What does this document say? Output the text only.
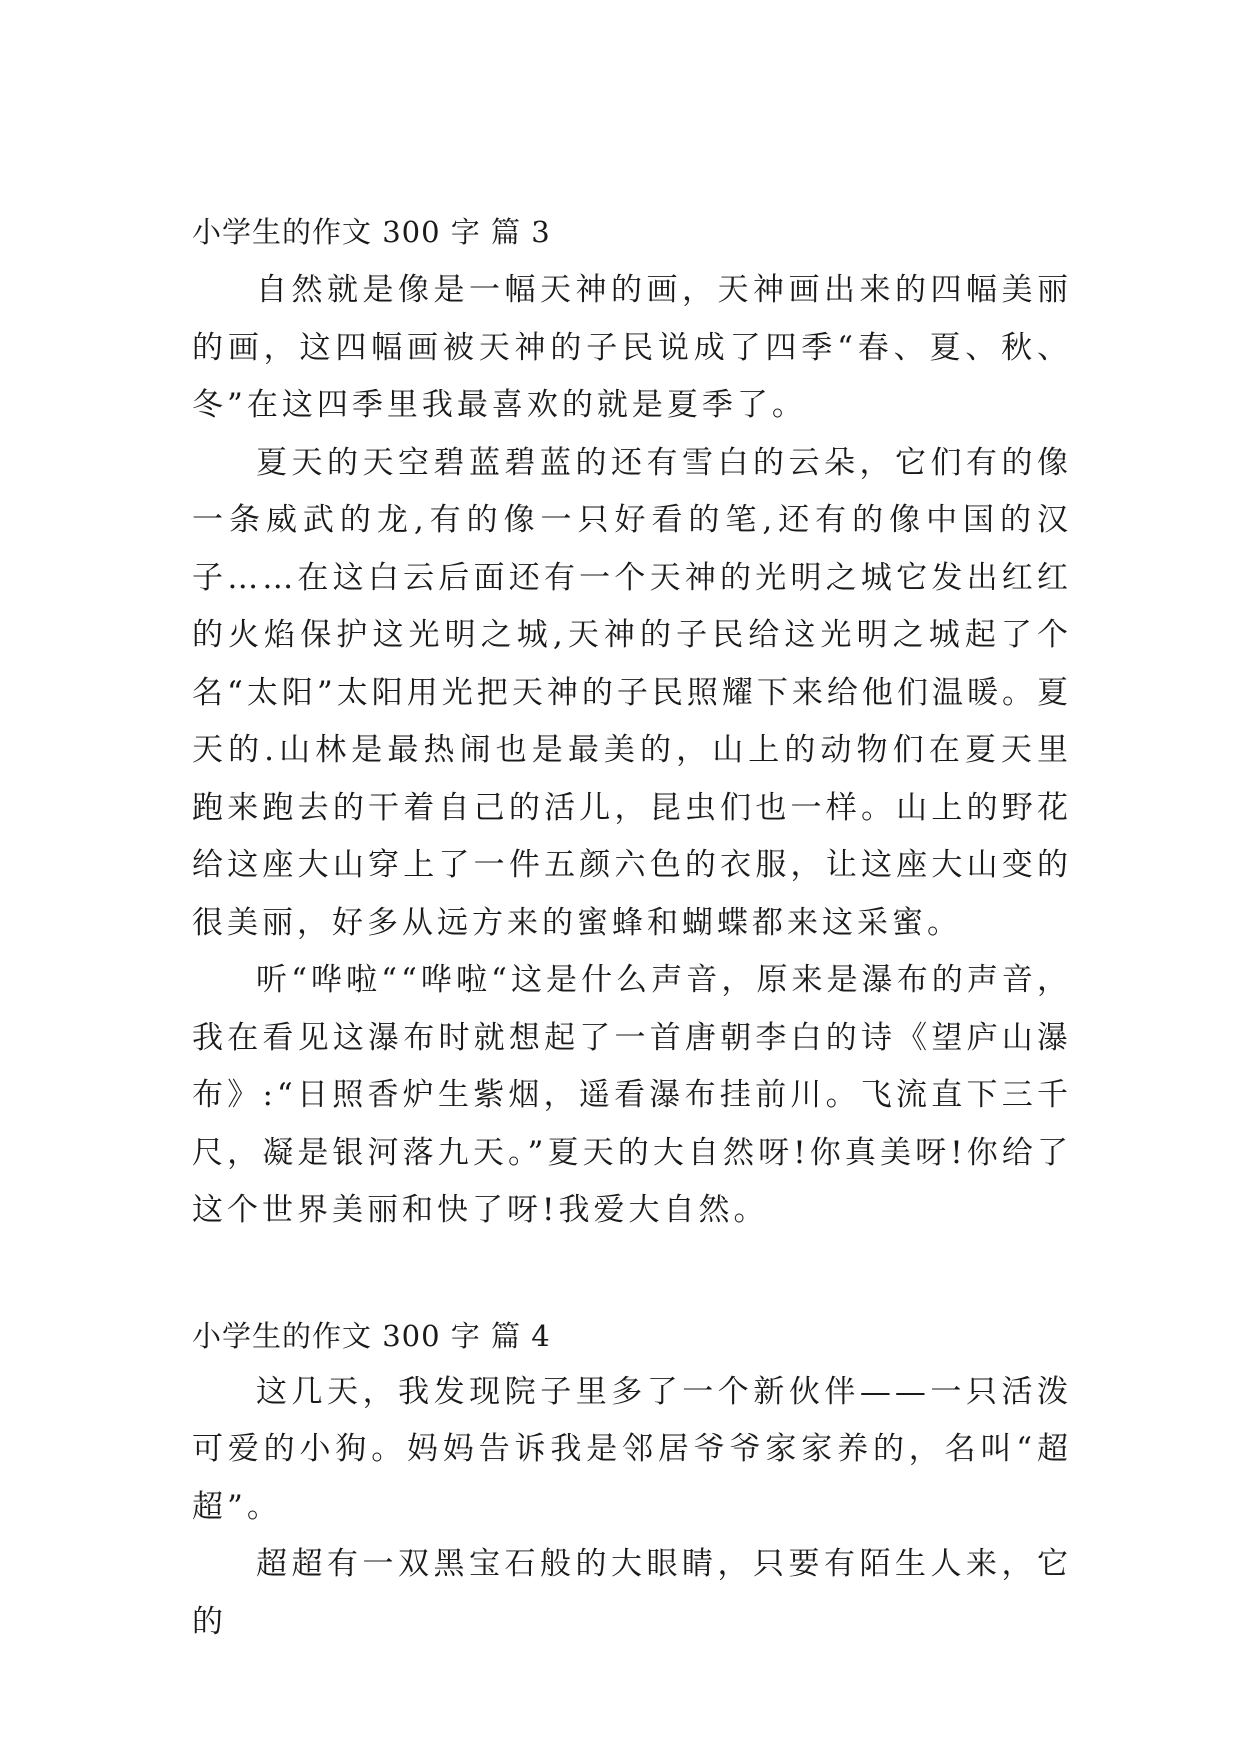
小学生的作文 300 字 篇 3

自然就是像是一幅天神的画，天神画出来的四幅美丽的画，这四幅画被天神的子民说成了四季“春、夏、秋、冬”在这四季里我最喜欢的就是夏季了。

夏天的天空碧蓝碧蓝的还有雪白的云朵，它们有的像一条威武的龙,有的像一只好看的笔,还有的像中国的汉子……在这白云后面还有一个天神的光明之城它发出红红的火焰保护这光明之城,天神的子民给这光明之城起了个名“太阳”太阳用光把天神的子民照耀下来给他们温暖。夏天的.山林是最热闹也是最美的，山上的动物们在夏天里跑来跑去的干着自己的活儿，昆虫们也一样。山上的野花给这座大山穿上了一件五颜六色的衣服，让这座大山变的很美丽，好多从远方来的蜜蜂和蝴蝶都来这采蜜。

听“哗啦““哗啦“这是什么声音，原来是瀑布的声音，我在看见这瀑布时就想起了一首唐朝李白的诗《望庐山瀑布》:“日照香炉生紫烟，遥看瀑布挂前川。飞流直下三千尺，凝是银河落九天。”夏天的大自然呀!你真美呀!你给了这个世界美丽和快了呀!我爱大自然。

小学生的作文 300 字 篇 4

这几天，我发现院子里多了一个新伙伴——一只活泼可爱的小狗。妈妈告诉我是邻居爷爷家家养的，名叫“超超”。

超超有一双黑宝石般的大眼睛，只要有陌生人来，它的
